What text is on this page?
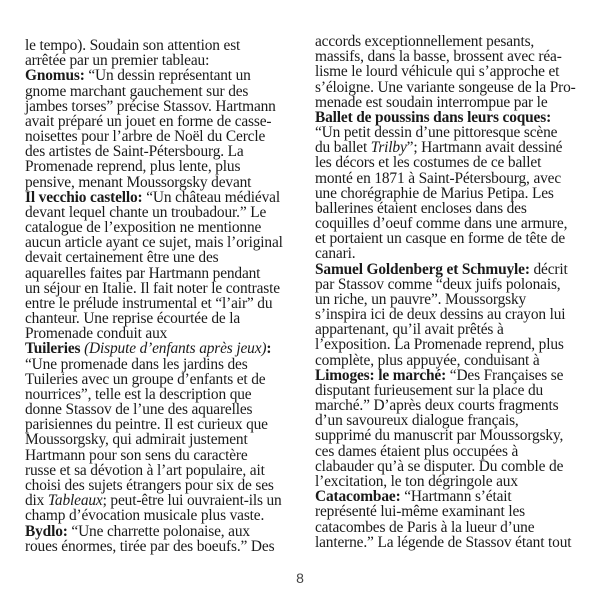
le tempo). Soudain son attention est
arrêtée par un premier tableau:
Gnomus: “Un dessin représentant un
gnome marchant gauchement sur des
jambes torses” précise Stassov. Hartmann
avait préparé un jouet en forme de casse-
noisettes pour l’arbre de Noël du Cercle
des artistes de Saint-Pétersbourg. La
Promenade reprend, plus lente, plus
pensive, menant Moussorgsky devant
Il vecchio castello: “Un château médiéval
devant lequel chante un troubadour.” Le
catalogue de l’exposition ne mentionne
aucun article ayant ce sujet, mais l’original
devait certainement être une des
aquarelles faites par Hartmann pendant
un séjour en Italie. Il fait noter le contraste
entre le prélude instrumental et “l’air” du
chanteur. Une reprise écourtée de la
Promenade conduit aux
Tuileries (Dispute d’enfants après jeux):
“Une promenade dans les jardins des
Tuileries avec un groupe d’enfants et de
nourrices”, telle est la description que
donne Stassov de l’une des aquarelles
parisiennes du peintre. Il est curieux que
Moussorgsky, qui admirait justement
Hartmann pour son sens du caractère
russe et sa dévotion à l’art populaire, ait
choisi des sujets étrangers pour six de ses
dix Tableaux; peut-être lui ouvraient-ils un
champ d’évocation musicale plus vaste.
Bydlo: “Une charrette polonaise, aux
roues énormes, tirée par des boeufs.” Des
accords exceptionnellement pesants,
massifs, dans la basse, brossent avec réa-
lisme le lourd véhicule qui s’approche et
s’éloigne. Une variante songeuse de la Pro-
menade est soudain interrompue par le
Ballet de poussins dans leurs coques:
“Un petit dessin d’une pittoresque scène
du ballet Trilby”; Hartmann avait dessiné
les décors et les costumes de ce ballet
monté en 1871 à Saint-Pétersbourg, avec
une chorégraphie de Marius Petipa. Les
ballerines étaient encloses dans des
coquilles d’oeuf comme dans une armure,
et portaient un casque en forme de tête de
canari.
Samuel Goldenberg et Schmuyle: décrit
par Stassov comme “deux juifs polonais,
un riche, un pauvre”. Moussorgsky
s’inspira ici de deux dessins au crayon lui
appartenant, qu’il avait prêtés à
l’exposition. La Promenade reprend, plus
complète, plus appuyée, conduisant à
Limoges: le marché: “Des Françaises se
disputant furieusement sur la place du
marché.” D’après deux courts fragments
d’un savoureux dialogue français,
supprimé du manuscrit par Moussorgsky,
ces dames étaient plus occupées à
clabauder qu’à se disputer. Du comble de
l’excitation, le ton dégringole aux
Catacombae: “Hartmann s’était
représenté lui-même examinant les
catacombes de Paris à la lueur d’une
lanterne.” La légende de Stassov étant tout
8
